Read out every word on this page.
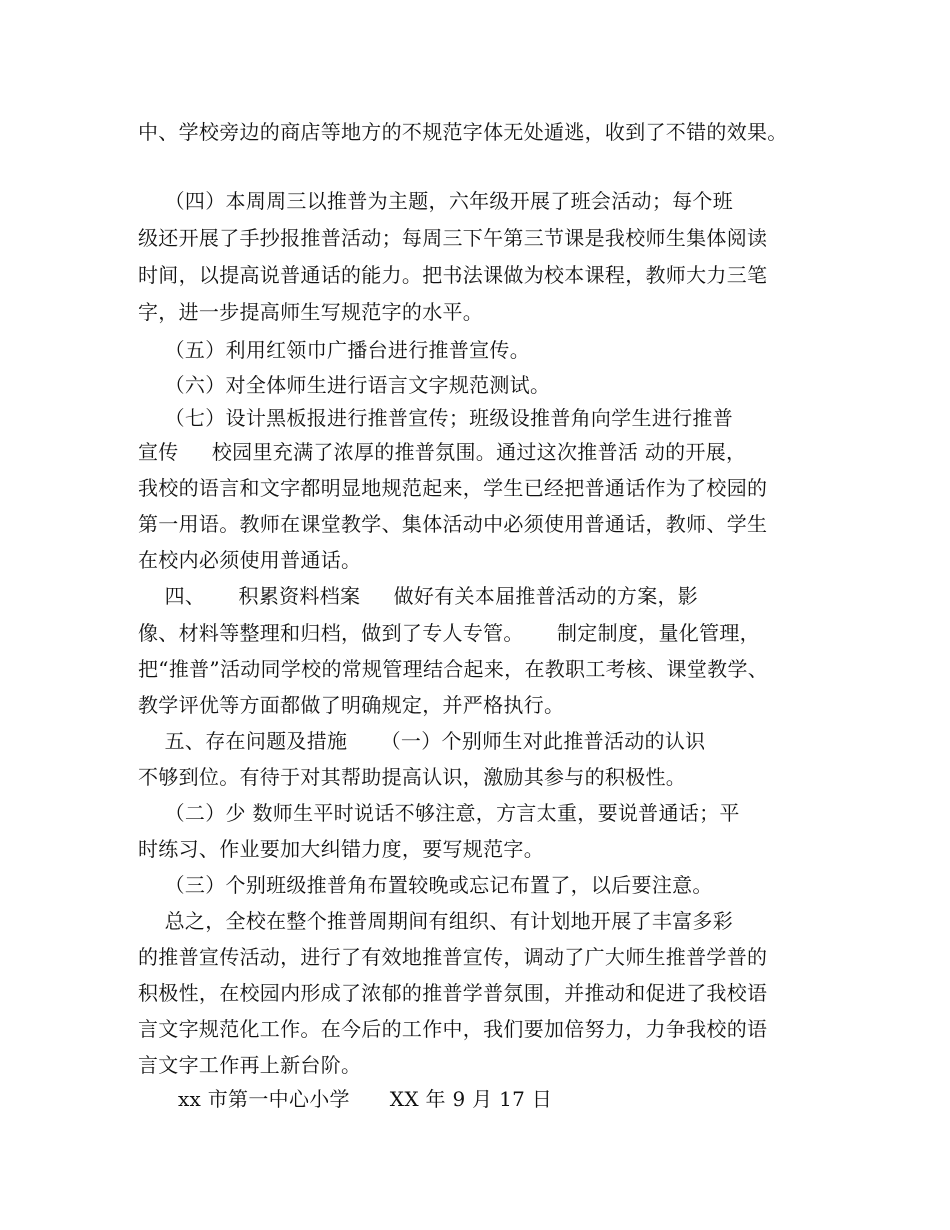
中、学校旁边的商店等地方的不规范字体无处遁逃，收到了不错的效果。
（四）本周周三以推普为主题，六年级开展了班会活动；每个班
级还开展了手抄报推普活动；每周三下午第三节课是我校师生集体阅读
时间，以提高说普通话的能力。把书法课做为校本课程，教师大力三笔
字，进一步提高师生写规范字的水平。
（五）利用红领巾广播台进行推普宣传。
（六）对全体师生进行语言文字规范测试。
（七）设计黑板报进行推普宣传；班级设推普角向学生进行推普
宣传     校园里充满了浓厚的推普氛围。通过这次推普活 动的开展，
我校的语言和文字都明显地规范起来，学生已经把普通话作为了校园的
第一用语。教师在课堂教学、集体活动中必须使用普通话，教师、学生
在校内必须使用普通话。
四、     积累资料档案     做好有关本届推普活动的方案，影
像、材料等整理和归档，做到了专人专管。     制定制度，量化管理，
把“推普”活动同学校的常规管理结合起来，在教职工考核、课堂教学、
教学评优等方面都做了明确规定，并严格执行。
五、存在问题及措施     （一）个别师生对此推普活动的认识
不够到位。有待于对其帮助提高认识，激励其参与的积极性。
（二）少 数师生平时说话不够注意，方言太重，要说普通话；平
时练习、作业要加大纠错力度，要写规范字。
（三）个别班级推普角布置较晚或忘记布置了，以后要注意。
总之，全校在整个推普周期间有组织、有计划地开展了丰富多彩
的推普宣传活动，进行了有效地推普宣传，调动了广大师生推普学普的
积极性，在校园内形成了浓郁的推普学普氛围，并推动和促进了我校语
言文字规范化工作。在今后的工作中，我们要加倍努力，力争我校的语
言文字工作再上新台阶。
xx 市第一中心小学      XX 年 9 月 17 日
